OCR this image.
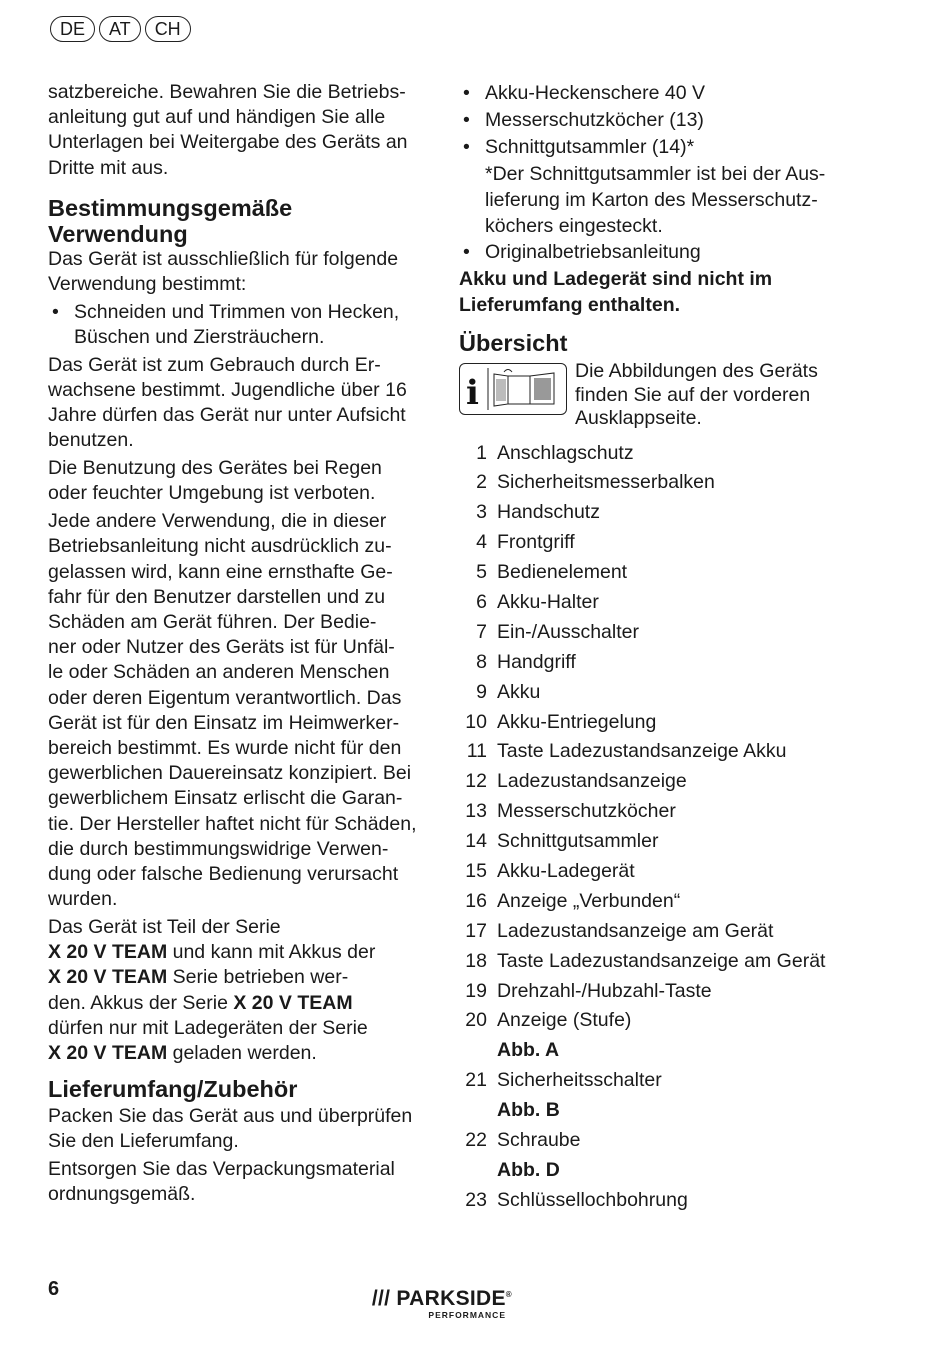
DE	AT	CH
satzbereiche. Bewahren Sie die Betriebs-
anleitung gut auf und händigen Sie alle
Unterlagen bei Weitergabe des Geräts an
Dritte mit aus.
Bestimmungsgemäße
Verwendung
Das Gerät ist ausschließlich für folgende
Verwendung bestimmt:
• Schneiden und Trimmen von Hecken,
Büschen und Ziersträuchern.
Das Gerät ist zum Gebrauch durch Er-
wachsene bestimmt. Jugendliche über 16
Jahre dürfen das Gerät nur unter Aufsicht
benutzen.
Die Benutzung des Gerätes bei Regen
oder feuchter Umgebung ist verboten.
Jede andere Verwendung, die in dieser
Betriebsanleitung nicht ausdrücklich zu-
gelassen wird, kann eine ernsthafte Ge-
fahr für den Benutzer darstellen und zu
Schäden am Gerät führen. Der Bedie-
ner oder Nutzer des Geräts ist für Unfäl-
le oder Schäden an anderen Menschen
oder deren Eigentum verantwortlich. Das
Gerät ist für den Einsatz im Heimwerker-
bereich bestimmt. Es wurde nicht für den
gewerblichen Dauereinsatz konzipiert. Bei
gewerblichem Einsatz erlischt die Garan-
tie. Der Hersteller haftet nicht für Schäden,
die durch bestimmungswidrige Verwen-
dung oder falsche Bedienung verursacht
wurden.
Das Gerät ist Teil der Serie
X 20 V TEAM und kann mit Akkus der
X 20 V TEAM Serie betrieben wer-
den. Akkus der Serie X 20 V TEAM
dürfen nur mit Ladegeräten der Serie
X 20 V TEAM geladen werden.
Lieferumfang/Zubehör
Packen Sie das Gerät aus und überprüfen
Sie den Lieferumfang.
Entsorgen Sie das Verpackungsmaterial
ordnungsgemäß.
• Akku-Heckenschere 40 V
• Messerschutzköcher (13)
• Schnittgutsammler (14)*
*Der Schnittgutsammler ist bei der Aus-
lieferung im Karton des Messerschutz-
köchers eingesteckt.
• Originalbetriebsanleitung
Akku und Ladegerät sind nicht im
Lieferumfang enthalten.
Übersicht
i
Die Abbildungen des Geräts
finden Sie auf der vorderen
Ausklappseite.
1 Anschlagschutz
2 Sicherheitsmesserbalken
3 Handschutz
4 Frontgriff
5 Bedienelement
6 Akku-Halter
7 Ein-/Ausschalter
8 Handgriff
9 Akku
10 Akku-Entriegelung
11 Taste Ladezustandsanzeige Akku
12 Ladezustandsanzeige
13 Messerschutzköcher
14 Schnittgutsammler
15 Akku-Ladegerät
16 Anzeige „Verbunden“
17 Ladezustandsanzeige am Gerät
18 Taste Ladezustandsanzeige am Gerät
19 Drehzahl-/Hubzahl-Taste
20 Anzeige (Stufe)
Abb. A
21 Sicherheitsschalter
Abb. B
22 Schraube
Abb. D
23 Schlüssellochbohrung
6	/// PARKSIDE®
PERFORMANCE
